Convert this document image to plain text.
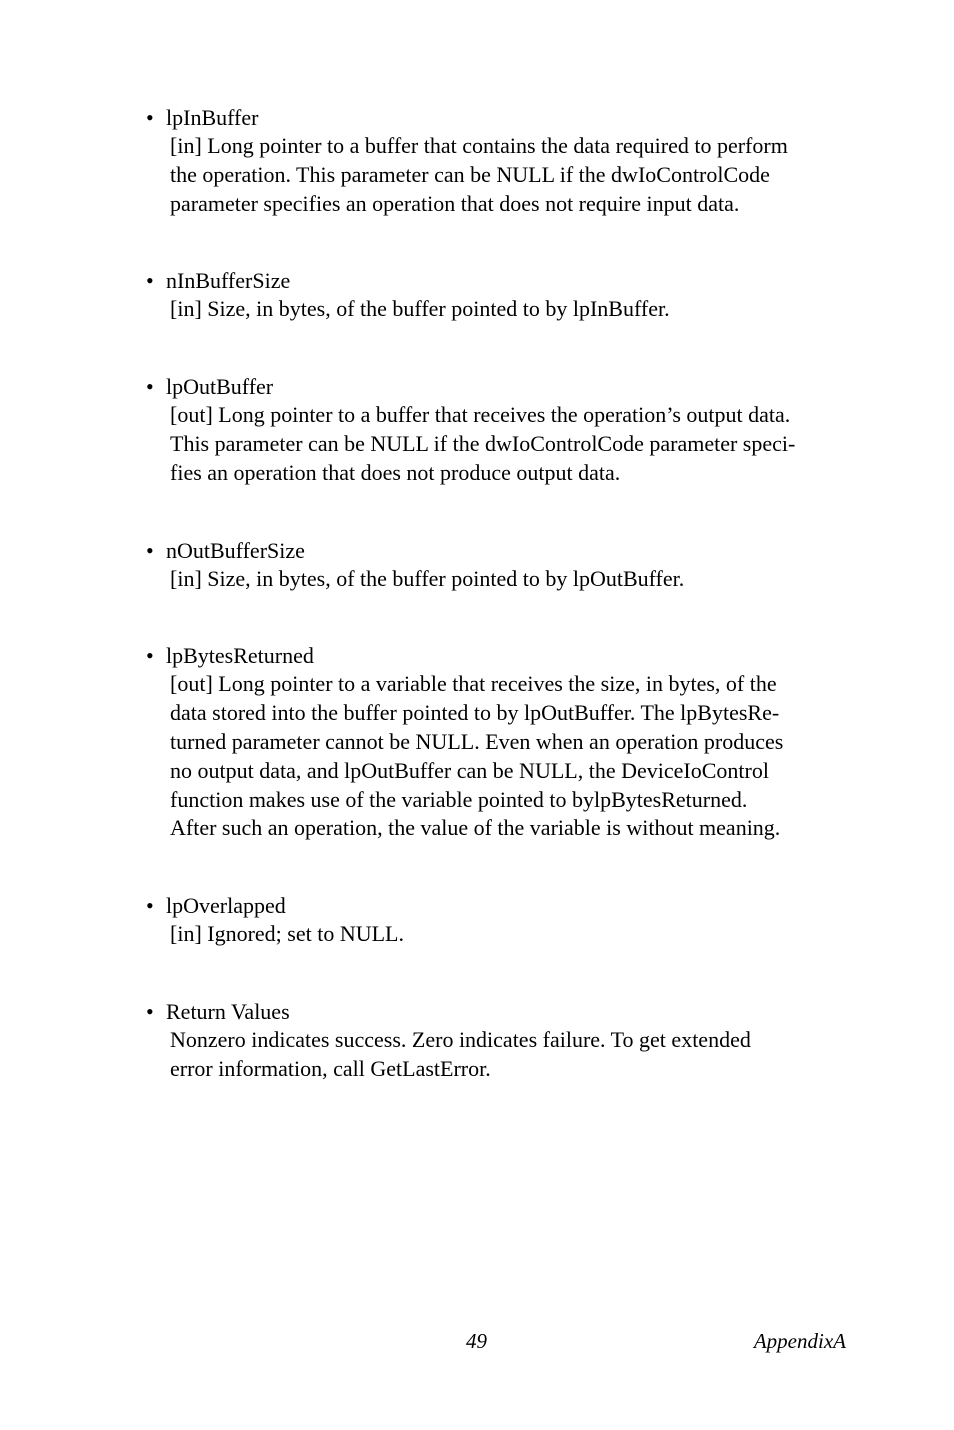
• lpInBuffer
[in] Long pointer to a buffer that contains the data required to perform
the operation. This parameter can be NULL if the dwIoControlCode
parameter specifies an operation that does not require input data.
• nInBufferSize
[in] Size, in bytes, of the buffer pointed to by lpInBuffer.
• lpOutBuffer
[out] Long pointer to a buffer that receives the operation’s output data.
This parameter can be NULL if the dwIoControlCode parameter speci-
fies an operation that does not produce output data.
• nOutBufferSize
[in] Size, in bytes, of the buffer pointed to by lpOutBuffer.
• lpBytesReturned
[out] Long pointer to a variable that receives the size, in bytes, of the
data stored into the buffer pointed to by lpOutBuffer. The lpBytesRe-
turned parameter cannot be NULL. Even when an operation produces
no output data, and lpOutBuffer can be NULL, the DeviceIoControl
function makes use of the variable pointed to bylpBytesReturned.
After such an operation, the value of the variable is without meaning.
• lpOverlapped
[in] Ignored; set to NULL.
• Return Values
Nonzero indicates success. Zero indicates failure. To get extended
error information, call GetLastError.
49	AppendixA
